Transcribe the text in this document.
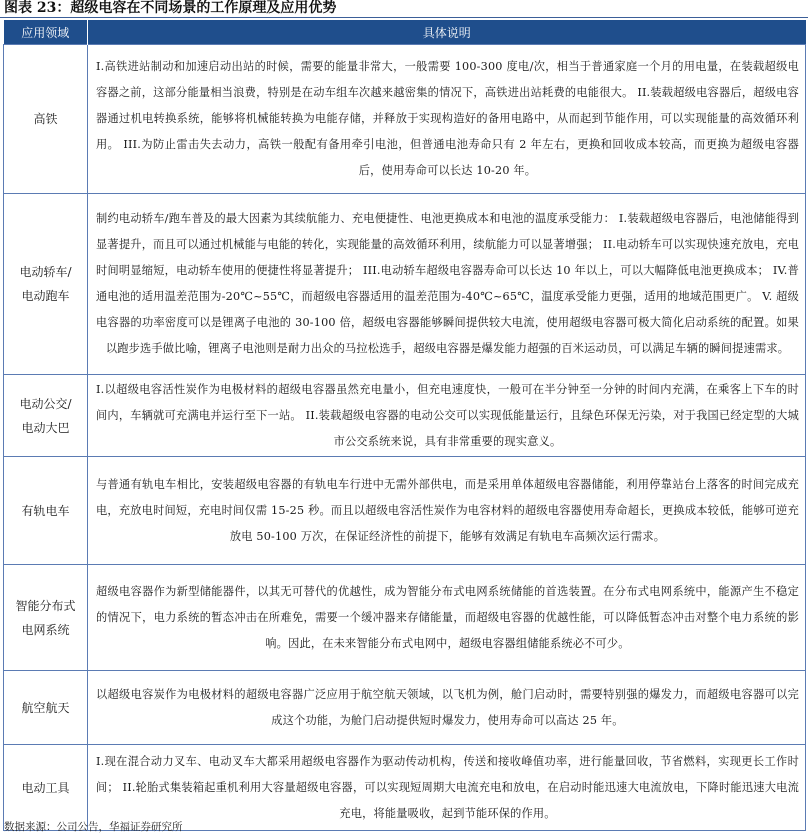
图表 23：超级电容在不同场景的工作原理及应用优势
应用领域	具体说明

高铁	I.高铁进站制动和加速启动出站的时候，需要的能量非常大，一般需要 100-300 度电/次，相当于普通家庭一个月的用电量，在装载超级电容器之前，这部分能量相当浪费，特别是在动车组车次越来越密集的情况下，高铁进出站耗费的电能很大。 II.装载超级电容器后，超级电容器通过机电转换系统，能够将机械能转换为电能存储，并释放于实现构造好的备用电路中，从而起到节能作用，可以实现能量的高效循环利用。 III.为防止雷击失去动力，高铁一般配有备用牵引电池，但普通电池寿命只有 2 年左右，更换和回收成本较高，而更换为超级电容器后，使用寿命可以长达 10-20 年。

电动轿车/电动跑车	制约电动轿车/跑车普及的最大因素为其续航能力、充电便捷性、电池更换成本和电池的温度承受能力： I.装载超级电容器后，电池储能得到显著提升，而且可以通过机械能与电能的转化，实现能量的高效循环利用，续航能力可以显著增强； II.电动轿车可以实现快速充放电，充电时间明显缩短，电动轿车使用的便捷性将显著提升； III.电动轿车超级电容器寿命可以长达 10 年以上，可以大幅降低电池更换成本； IV.普通电池的适用温差范围为-20℃~55℃，而超级电容器适用的温差范围为-40℃~65℃，温度承受能力更强，适用的地域范围更广。 V. 超级电容器的功率密度可以是锂离子电池的 30-100 倍，超级电容器能够瞬间提供较大电流，使用超级电容器可极大简化启动系统的配置。如果以跑步选手做比喻，锂离子电池则是耐力出众的马拉松选手，超级电容器是爆发能力超强的百米运动员，可以满足车辆的瞬间提速需求。

电动公交/电动大巴	I.以超级电容活性炭作为电极材料的超级电容器虽然充电量小，但充电速度快，一般可在半分钟至一分钟的时间内充满，在乘客上下车的时间内，车辆就可充满电并运行至下一站。 II.装载超级电容器的电动公交可以实现低能量运行，且绿色环保无污染，对于我国已经定型的大城市公交系统来说，具有非常重要的现实意义。

有轨电车	与普通有轨电车相比，安装超级电容器的有轨电车行进中无需外部供电，而是采用单体超级电容器储能，利用停靠站台上落客的时间完成充电，充放电时间短，充电时间仅需 15-25 秒。而且以超级电容活性炭作为电容材料的超级电容器使用寿命超长，更换成本较低，能够可逆充放电 50-100 万次，在保证经济性的前提下，能够有效满足有轨电车高频次运行需求。

智能分布式电网系统	超级电容器作为新型储能器件，以其无可替代的优越性，成为智能分布式电网系统储能的首选装置。在分布式电网系统中，能源产生不稳定的情况下，电力系统的暂态冲击在所难免，需要一个缓冲器来存储能量，而超级电容器的优越性能，可以降低暂态冲击对整个电力系统的影响。因此，在未来智能分布式电网中，超级电容器组储能系统必不可少。

航空航天	以超级电容炭作为电极材料的超级电容器广泛应用于航空航天领域，以飞机为例，舱门启动时，需要特别强的爆发力，而超级电容器可以完成这个功能，为舱门启动提供短时爆发力，使用寿命可以高达 25 年。

电动工具	I.现在混合动力叉车、电动叉车大都采用超级电容器作为驱动传动机构，传送和接收峰值功率，进行能量回收，节省燃料，实现更长工作时间； II.轮胎式集装箱起重机利用大容量超级电容器，可以实现短周期大电流充电和放电，在启动时能迅速大电流放电，下降时能迅速大电流充电，将能量吸收，起到节能环保的作用。
数据来源：公司公告，华福证券研究所
